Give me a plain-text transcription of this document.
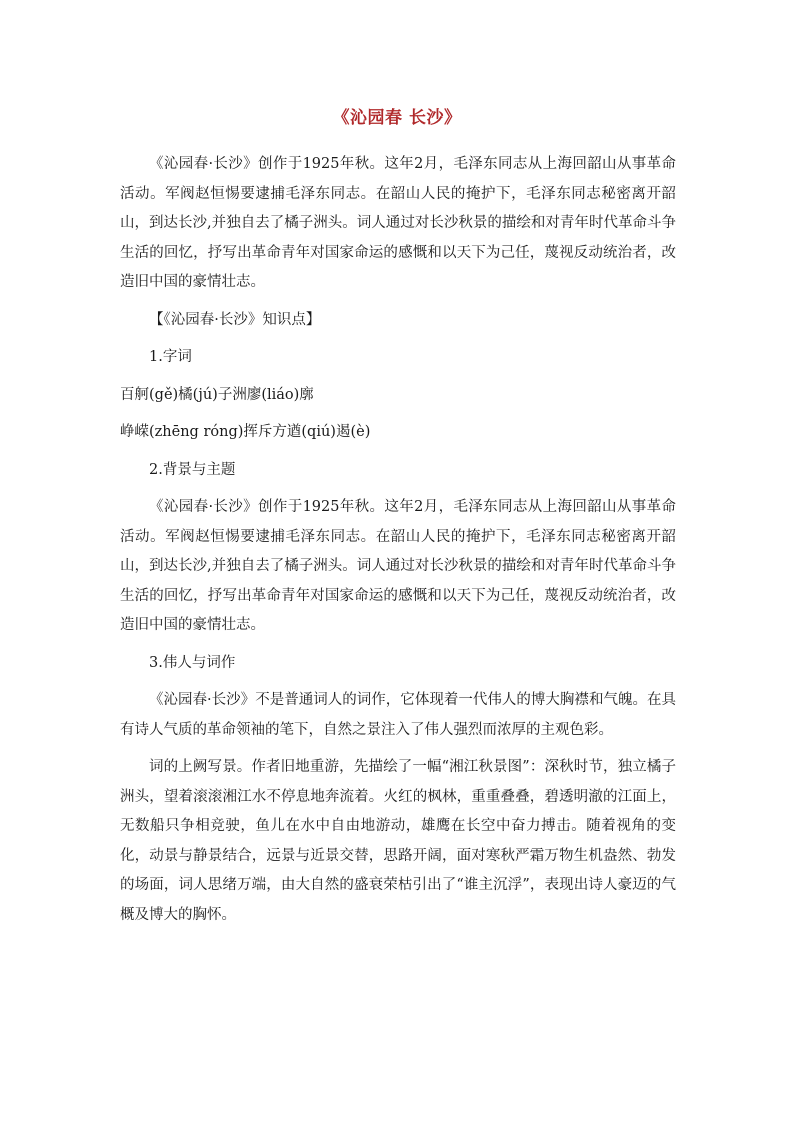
《沁园春 长沙》

《沁园春·长沙》创作于1925年秋。这年2月，毛泽东同志从上海回韶山从事革命活动。军阀赵恒惕要逮捕毛泽东同志。在韶山人民的掩护下，毛泽东同志秘密离开韶山，到达长沙,并独自去了橘子洲头。词人通过对长沙秋景的描绘和对青年时代革命斗争生活的回忆，抒写出革命青年对国家命运的感慨和以天下为己任，蔑视反动统治者，改造旧中国的豪情壮志。

【《沁园春·长沙》知识点】

1.字词

百舸(gě)橘(jú)子洲廖(liáo)廓

峥嵘(zhēng róng)挥斥方遒(qiú)遏(è)

2.背景与主题

《沁园春·长沙》创作于1925年秋。这年2月，毛泽东同志从上海回韶山从事革命活动。军阀赵恒惕要逮捕毛泽东同志。在韶山人民的掩护下，毛泽东同志秘密离开韶山，到达长沙,并独自去了橘子洲头。词人通过对长沙秋景的描绘和对青年时代革命斗争生活的回忆，抒写出革命青年对国家命运的感慨和以天下为己任，蔑视反动统治者，改造旧中国的豪情壮志。

3.伟人与词作

《沁园春·长沙》不是普通词人的词作，它体现着一代伟人的博大胸襟和气魄。在具有诗人气质的革命领袖的笔下，自然之景注入了伟人强烈而浓厚的主观色彩。

词的上阙写景。作者旧地重游，先描绘了一幅“湘江秋景图”：深秋时节，独立橘子洲头，望着滚滚湘江水不停息地奔流着。火红的枫林，重重叠叠，碧透明澈的江面上，无数船只争相竞驶，鱼儿在水中自由地游动，雄鹰在长空中奋力搏击。随着视角的变化，动景与静景结合，远景与近景交替，思路开阔，面对寒秋严霜万物生机盎然、勃发的场面，词人思绪万端，由大自然的盛衰荣枯引出了“谁主沉浮”，表现出诗人豪迈的气概及博大的胸怀。
